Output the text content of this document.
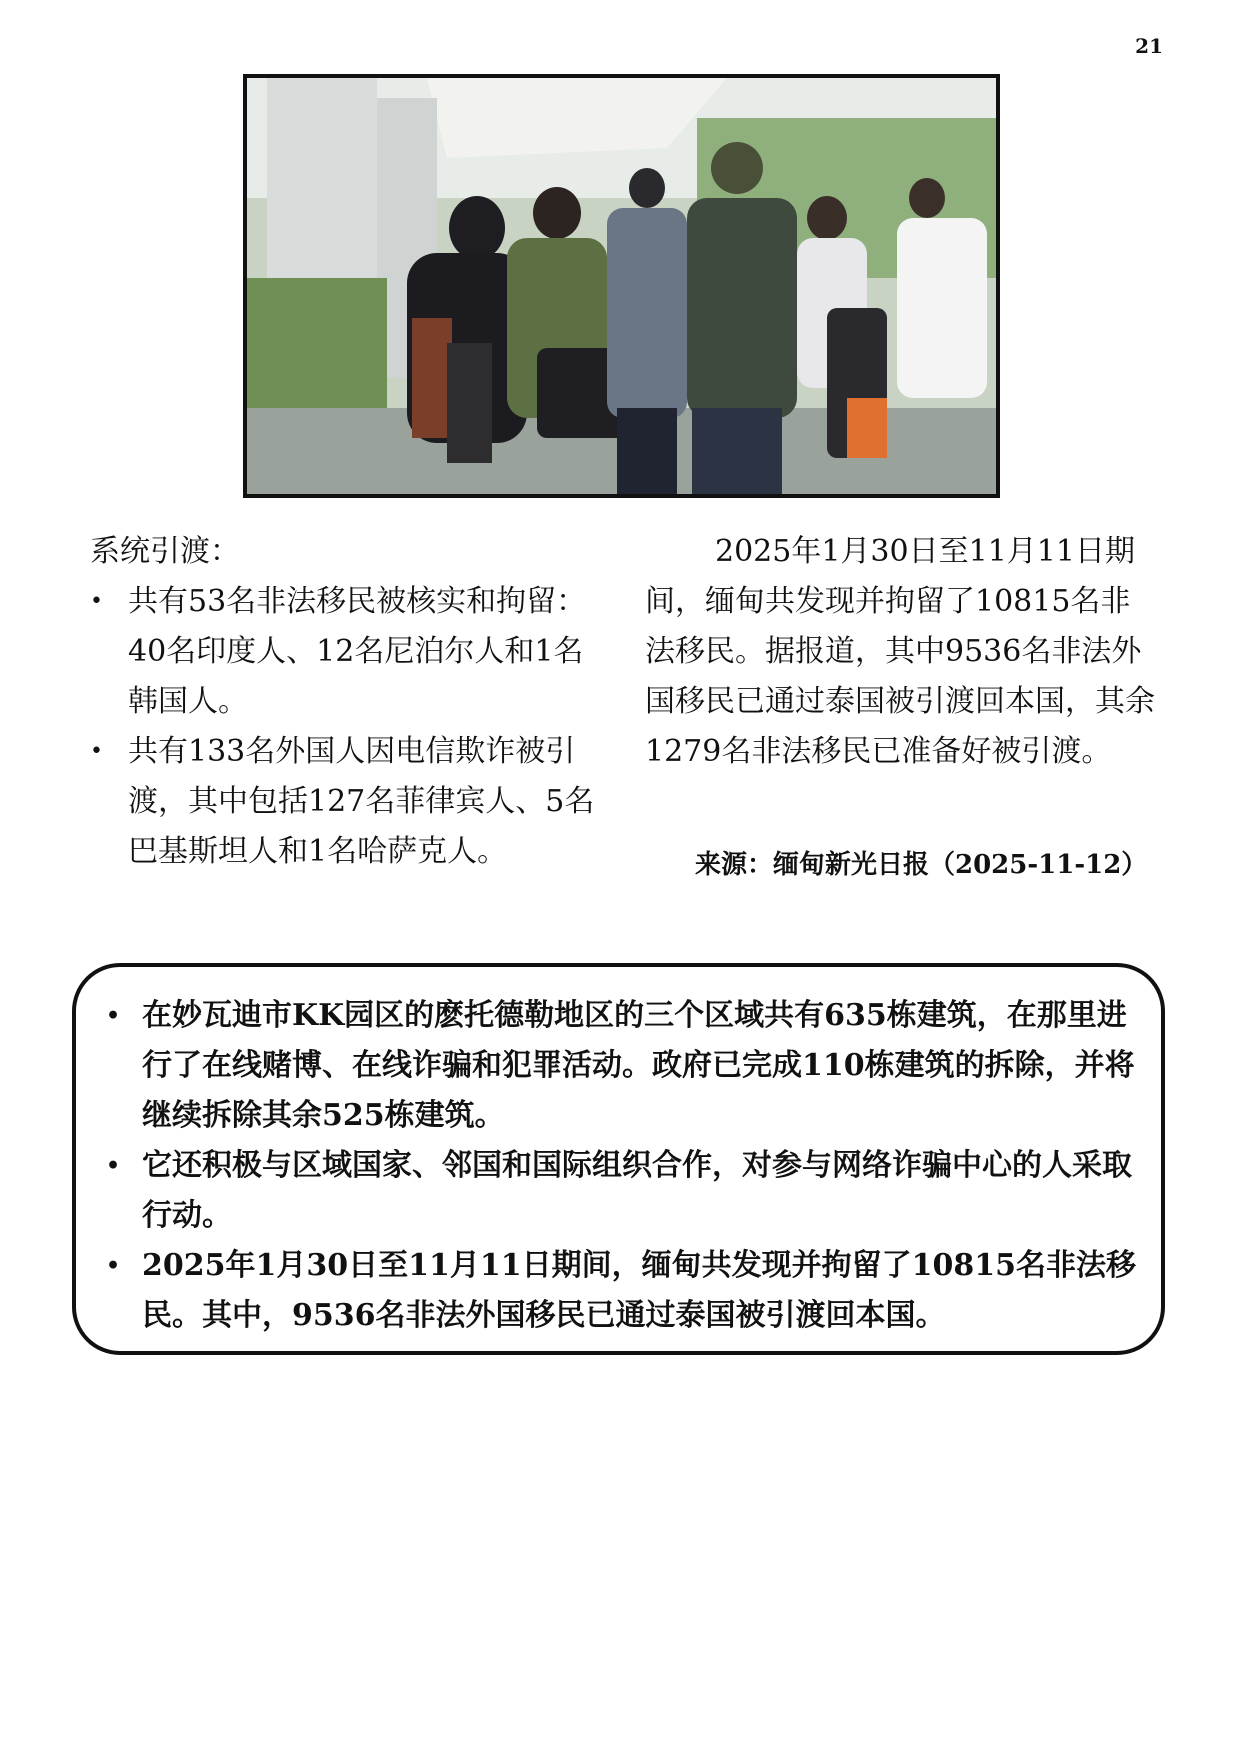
21

系统引渡：

• 共有53名非法移民被核实和拘留：40名印度人、12名尼泊尔人和1名韩国人。
• 共有133名外国人因电信欺诈被引渡，其中包括127名菲律宾人、5名巴基斯坦人和1名哈萨克人。

2025年1月30日至11月11日期间，缅甸共发现并拘留了10815名非法移民。据报道，其中9536名非法外国移民已通过泰国被引渡回本国，其余1279名非法移民已准备好被引渡。

来源：缅甸新光日报（2025-11-12）
• 在妙瓦迪市KK园区的麽托德勒地区的三个区域共有635栋建筑，在那里进行了在线赌博、在线诈骗和犯罪活动。政府已完成110栋建筑的拆除，并将继续拆除其余525栋建筑。
• 它还积极与区域国家、邻国和国际组织合作，对参与网络诈骗中心的人采取行动。
• 2025年1月30日至11月11日期间，缅甸共发现并拘留了10815名非法移民。其中，9536名非法外国移民已通过泰国被引渡回本国。
